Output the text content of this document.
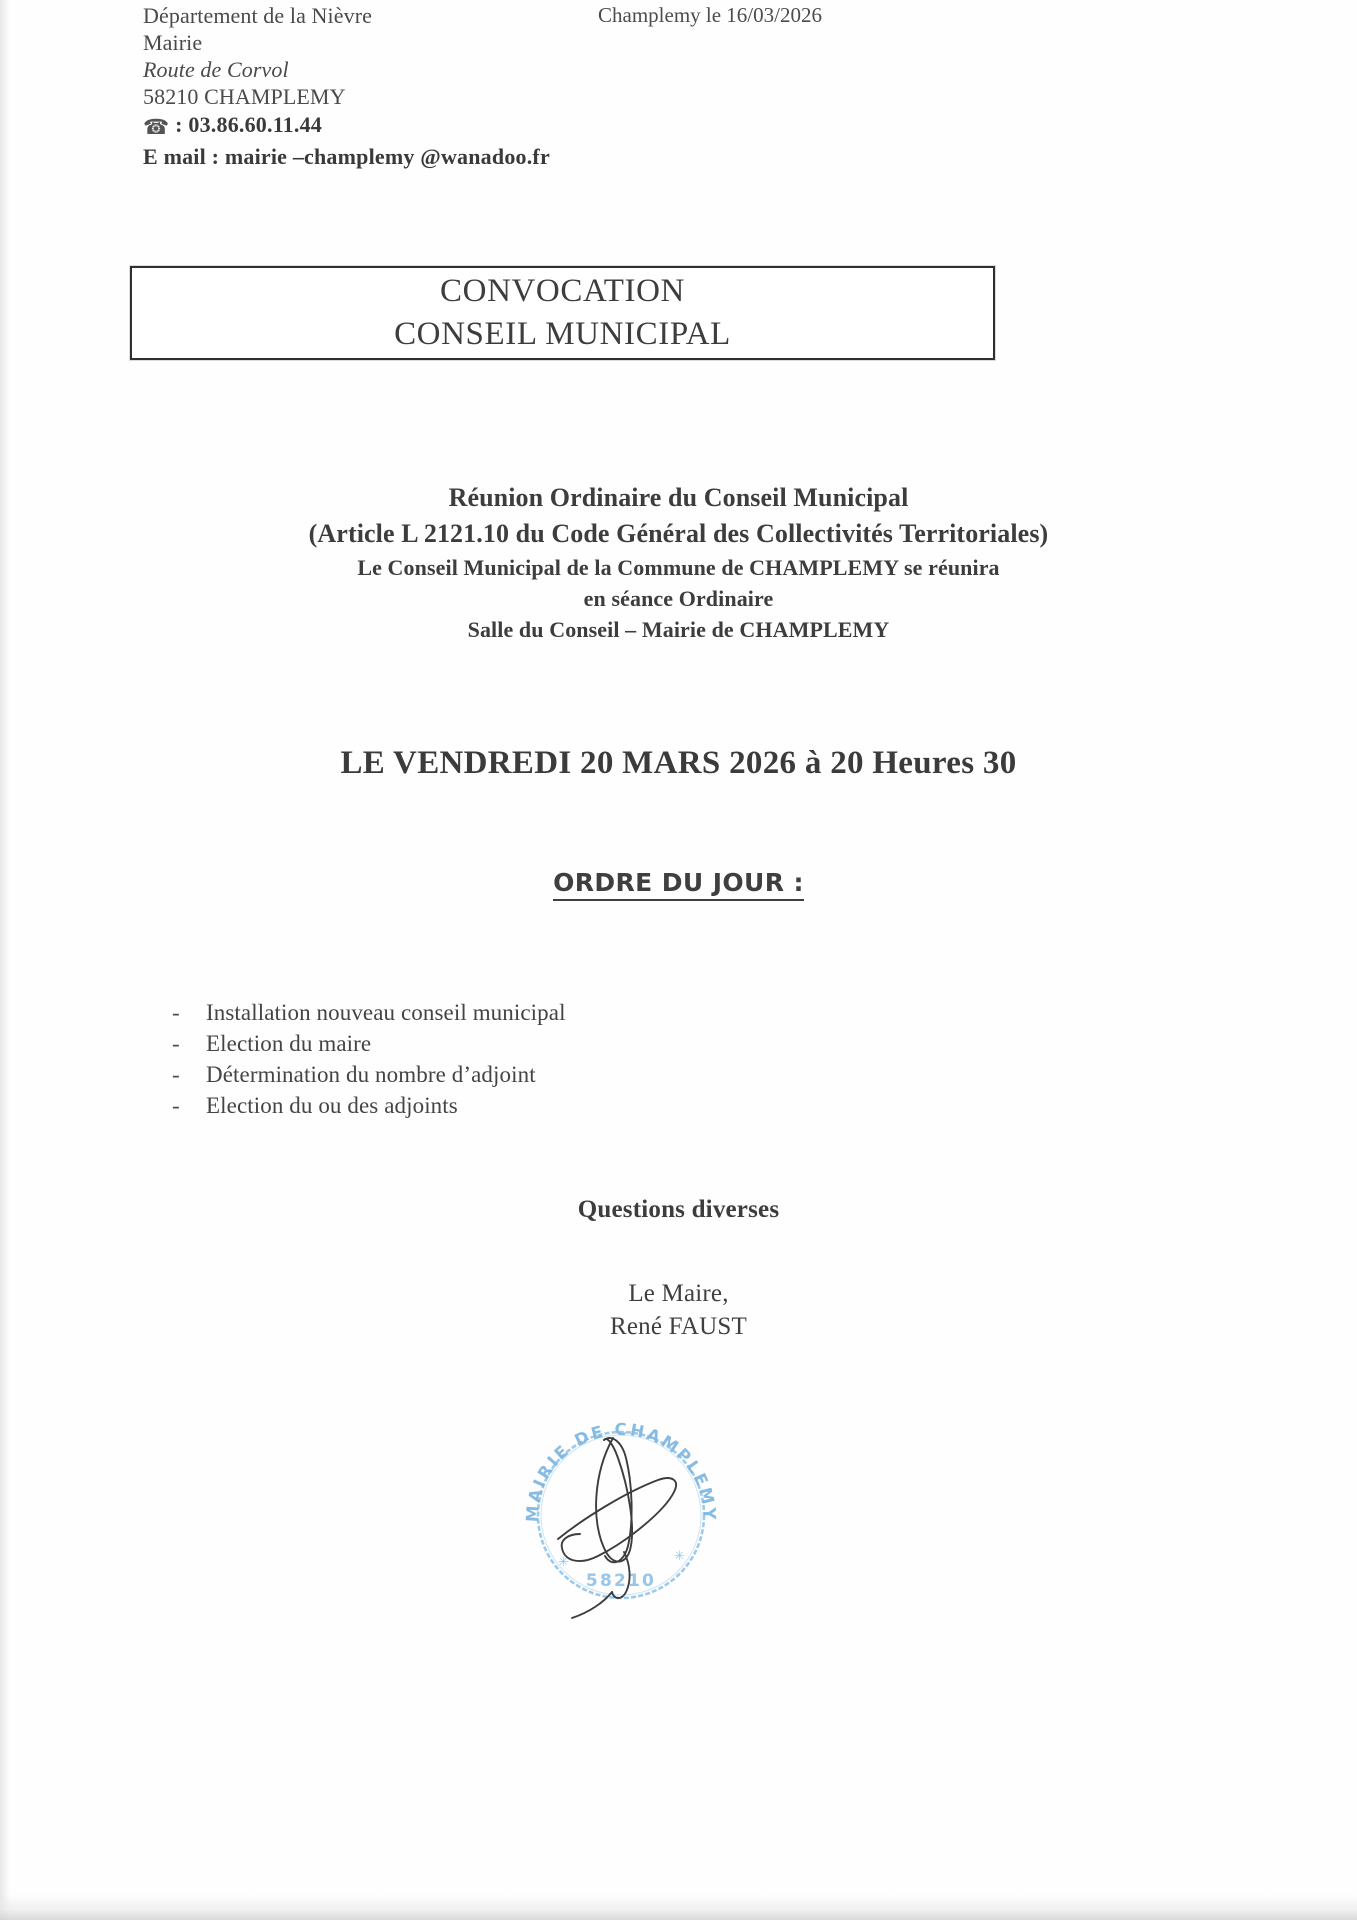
Département de la Nièvre	Champlemy le 16/03/2026
Mairie
Route de Corvol
58210 CHAMPLEMY
☎ : 03.86.60.11.44
E mail : mairie –champlemy @wanadoo.fr
CONVOCATION
CONSEIL MUNICIPAL
Réunion Ordinaire du Conseil Municipal
(Article L 2121.10 du Code Général des Collectivités Territoriales)
Le Conseil Municipal de la Commune de CHAMPLEMY se réunira
en séance Ordinaire
Salle du Conseil – Mairie de CHAMPLEMY
LE VENDREDI 20 MARS 2026 à 20 Heures 30
ORDRE DU JOUR :
-	Installation nouveau conseil municipal
-	Election du maire
-	Détermination du nombre d’adjoint
-	Election du ou des adjoints
Questions diverses
Le Maire,
René FAUST
MAIRIE DE CHAMPLEMY
58210
✳	✳
